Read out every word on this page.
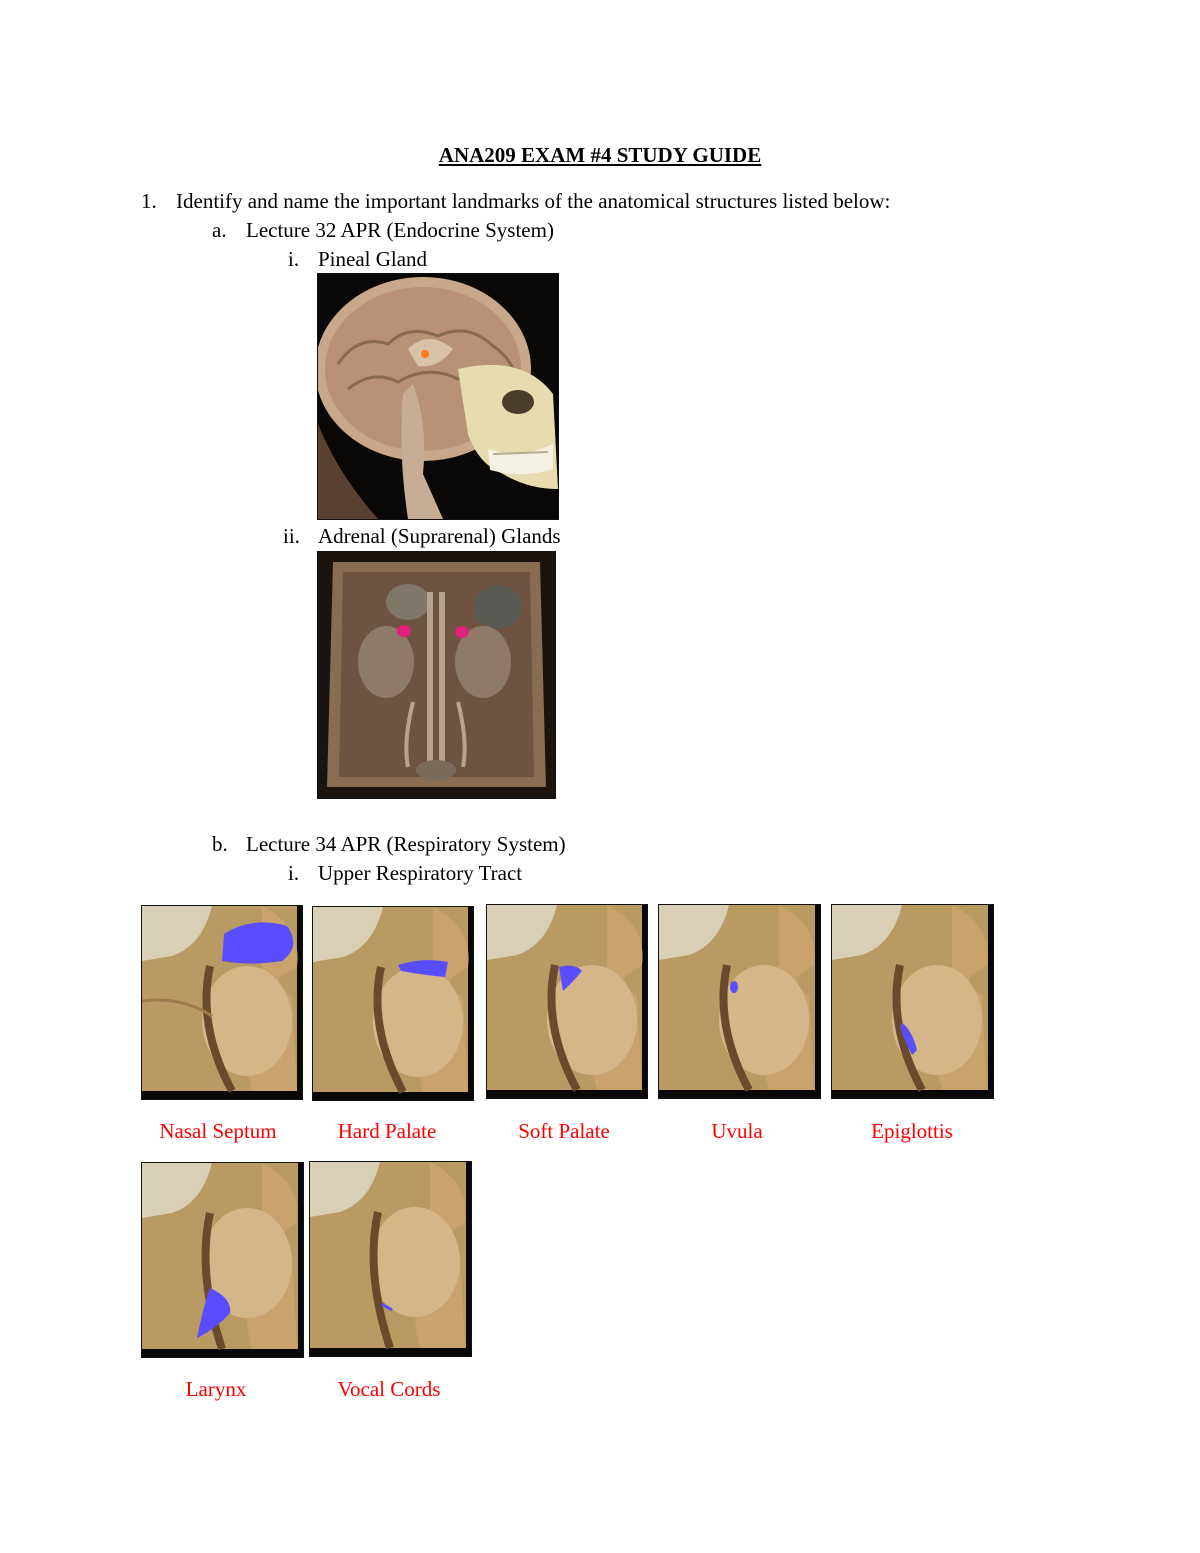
ANA209 EXAM #4 STUDY GUIDE
1. Identify and name the important landmarks of the anatomical structures listed below:
a. Lecture 32 APR (Endocrine System)
i. Pineal Gland
ii. Adrenal (Suprarenal) Glands
b. Lecture 34 APR (Respiratory System)
i. Upper Respiratory Tract
Nasal Septum	Hard Palate	Soft Palate	Uvula	Epiglottis
Larynx	Vocal Cords
